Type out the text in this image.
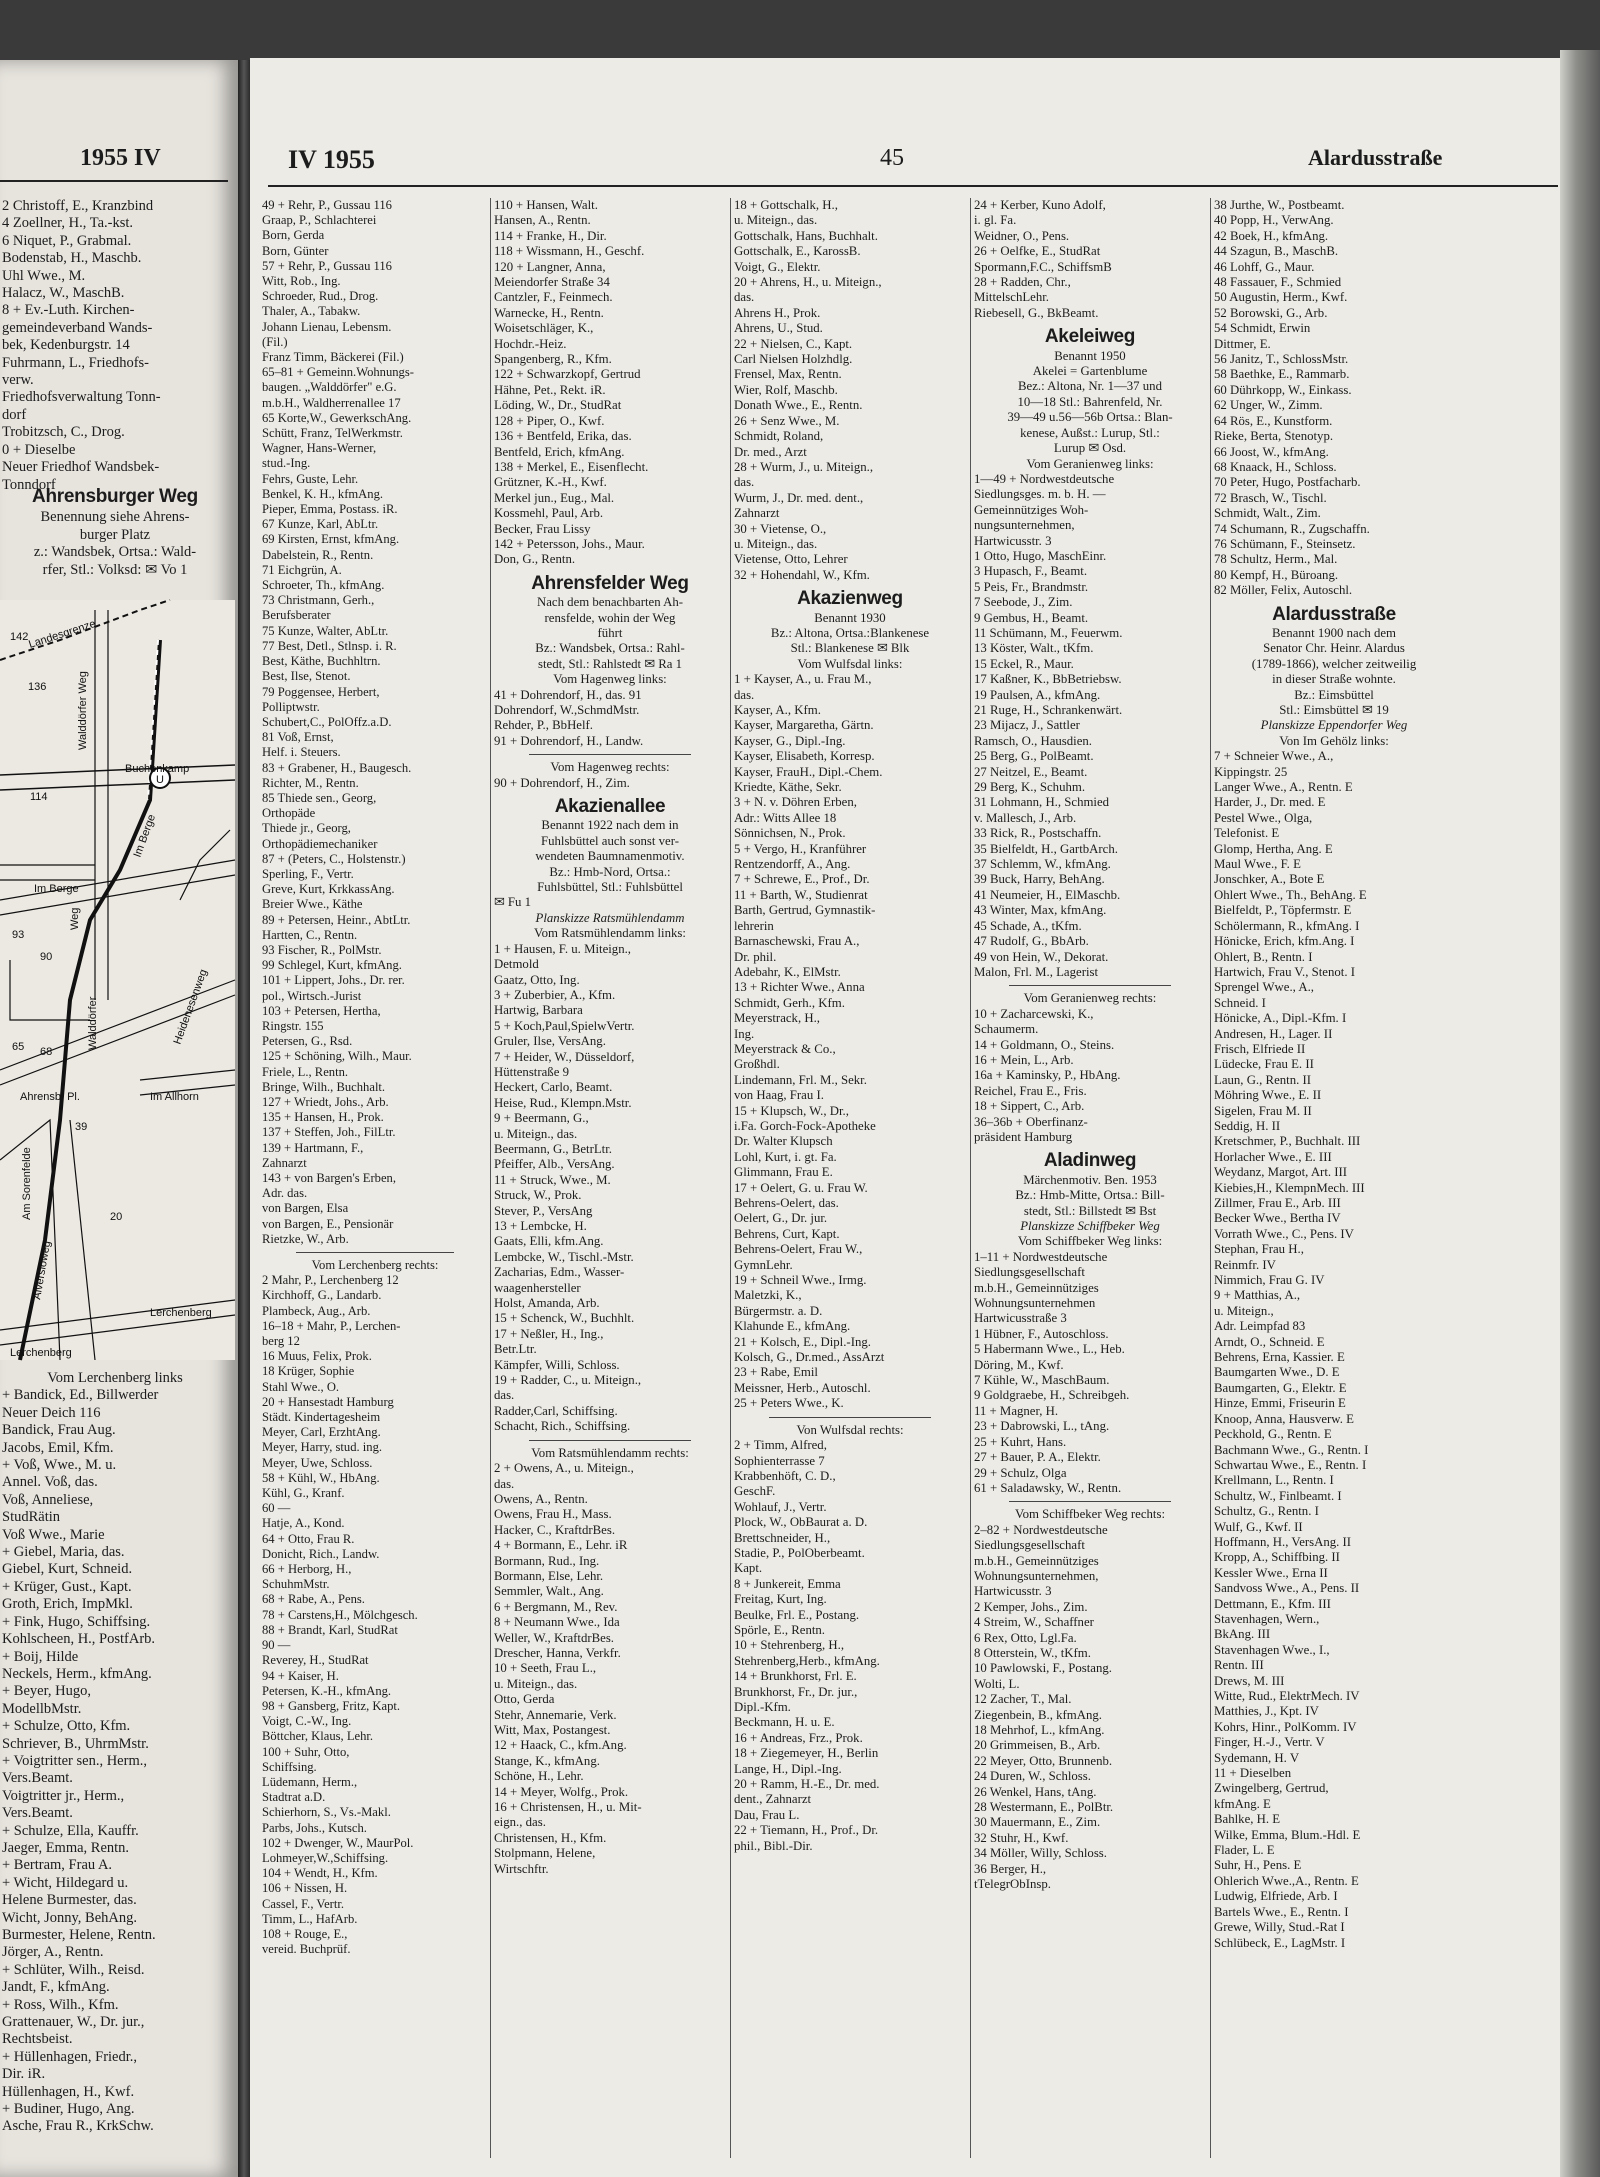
1955 IV
2 Christoff, E., Kranzbind
4 Zoellner, H., Ta.-kst.
6 Niquet, P., Grabmal.
Bodenstab, H., Maschb.
Uhl Wwe., M.
Halacz, W., MaschB.
8 + Ev.-Luth. Kirchen-
gemeindeverband Wands-
bek, Kedenburgstr. 14
Fuhrmann, L., Friedhofs-
verw.
Friedhofsverwaltung Tonn-
dorf
Trobitzsch, C., Drog.
0 + Dieselbe
Neuer Friedhof Wandsbek-
Tonndorf
Ahrensburger Weg
Benennung siehe Ahrens-
burger Platz
z.: Wandsbek, Ortsa.: Wald-
rfer, Stl.: Volksd: ✉ Vo 1
U
Landesgrenze
Walddörfer Weg
Buchenkamp
Im Berge
Weg
Im Berge
Walddörfer	Heidenesenweg
Im Allhorn
Alversloweg
Lerchenberg
Lerchenberg
Ahrensb. Pl.
Am Sorenfelde
114
136
142
93
90
65 68
39
20
Vom Lerchenberg links
+ Bandick, Ed., Billwerder
Neuer Deich 116
Bandick, Frau Aug.
Jacobs, Emil, Kfm.
+ Voß, Wwe., M. u.
Annel. Voß, das.
Voß, Anneliese,
StudRätin
Voß Wwe., Marie
+ Giebel, Maria, das.
Giebel, Kurt, Schneid.
+ Krüger, Gust., Kapt.
Groth, Erich, ImpMkl.
+ Fink, Hugo, Schiffsing.
Kohlscheen, H., PostfArb.
+ Boij, Hilde
Neckels, Herm., kfmAng.
+ Beyer, Hugo,
ModellbMstr.
+ Schulze, Otto, Kfm.
Schriever, B., UhrmMstr.
+ Voigtritter sen., Herm.,
Vers.Beamt.
Voigtritter jr., Herm.,
Vers.Beamt.
+ Schulze, Ella, Kauffr.
Jaeger, Emma, Rentn.
+ Bertram, Frau A.
+ Wicht, Hildegard u.
Helene Burmester, das.
Wicht, Jonny, BehAng.
Burmester, Helene, Rentn.
Jörger, A., Rentn.
+ Schlüter, Wilh., Reisd.
Jandt, F., kfmAng.
+ Ross, Wilh., Kfm.
Grattenauer, W., Dr. jur.,
Rechtsbeist.
+ Hüllenhagen, Friedr.,
Dir. iR.
Hüllenhagen, H., Kwf.
+ Budiner, Hugo, Ang.
Asche, Frau R., KrkSchw.
IV 1955	45	Alardusstraße
49 + Rehr, P., Gussau 116
Graap, P., Schlachterei
Born, Gerda
Born, Günter
57 + Rehr, P., Gussau 116
Witt, Rob., Ing.
Schroeder, Rud., Drog.
Thaler, A., Tabakw.
Johann Lienau, Lebensm.
(Fil.)
Franz Timm, Bäckerei (Fil.)
65–81 + Gemeinn.Wohnungs-
baugen. „Walddörfer" e.G.
m.b.H., Waldherrenallee 17
65 Korte,W., GewerkschAng.
Schütt, Franz, TelWerkmstr.
Wagner, Hans-Werner,
stud.-Ing.
Fehrs, Guste, Lehr.
Benkel, K. H., kfmAng.
Pieper, Emma, Postass. iR.
67 Kunze, Karl, AbLtr.
69 Kirsten, Ernst, kfmAng.
Dabelstein, R., Rentn.
71 Eichgrün, A.
Schroeter, Th., kfmAng.
73 Christmann, Gerh.,
Berufsberater
75 Kunze, Walter, AbLtr.
77 Best, Detl., Stlnsp. i. R.
Best, Käthe, Buchhltrn.
Best, Ilse, Stenot.
79 Poggensee, Herbert,
Polliptwstr.
Schubert,C., PolOffz.a.D.
81 Voß, Ernst,
Helf. i. Steuers.
83 + Grabener, H., Baugesch.
Richter, M., Rentn.
85 Thiede sen., Georg,
Orthopäde
Thiede jr., Georg,
Orthopädiemechaniker
87 + (Peters, C., Holstenstr.)
Sperling, F., Vertr.
Greve, Kurt, KrkkassAng.
Breier Wwe., Käthe
89 + Petersen, Heinr., AbtLtr.
Hartten, C., Rentn.
93 Fischer, R., PolMstr.
99 Schlegel, Kurt, kfmAng.
101 + Lippert, Johs., Dr. rer.
pol., Wirtsch.-Jurist
103 + Petersen, Hertha,
Ringstr. 155
Petersen, G., Rsd.
125 + Schöning, Wilh., Maur.
Friele, L., Rentn.
Bringe, Wilh., Buchhalt.
127 + Wriedt, Johs., Arb.
135 + Hansen, H., Prok.
137 + Steffen, Joh., FilLtr.
139 + Hartmann, F.,
Zahnarzt
143 + von Bargen's Erben,
Adr. das.
von Bargen, Elsa
von Bargen, E., Pensionär
Rietzke, W., Arb.
Vom Lerchenberg rechts:
2 Mahr, P., Lerchenberg 12
Kirchhoff, G., Landarb.
Plambeck, Aug., Arb.
16–18 + Mahr, P., Lerchen-
berg 12
16 Muus, Felix, Prok.
18 Krüger, Sophie
Stahl Wwe., O.
20 + Hansestadt Hamburg
Städt. Kindertagesheim
Meyer, Carl, ErzhtAng.
Meyer, Harry, stud. ing.
Meyer, Uwe, Schloss.
58 + Kühl, W., HbAng.
Kühl, G., Kranf.
60 —
Hatje, A., Kond.
64 + Otto, Frau R.
Donicht, Rich., Landw.
66 + Herborg, H.,
SchuhmMstr.
68 + Rabe, A., Pens.
78 + Carstens,H., Mölchgesch.
88 + Brandt, Karl, StudRat
90 —
Reverey, H., StudRat
94 + Kaiser, H.
Petersen, K.-H., kfmAng.
98 + Gansberg, Fritz, Kapt.
Voigt, C.-W., Ing.
Böttcher, Klaus, Lehr.
100 + Suhr, Otto,
Schiffsing.
Lüdemann, Herm.,
Stadtrat a.D.
Schierhorn, S., Vs.-Makl.
Parbs, Johs., Kutsch.
102 + Dwenger, W., MaurPol.
Lohmeyer,W.,Schiffsing.
104 + Wendt, H., Kfm.
106 + Nissen, H.
Cassel, F., Vertr.
Timm, L., HafArb.
108 + Rouge, E.,
vereid. Buchprüf.
110 + Hansen, Walt.
Hansen, A., Rentn.
114 + Franke, H., Dir.
118 + Wissmann, H., Geschf.
120 + Langner, Anna,
Meiendorfer Straße 34
Cantzler, F., Feinmech.
Warnecke, H., Rentn.
Woisetschläger, K.,
Hochdr.-Heiz.
Spangenberg, R., Kfm.
122 + Schwarzkopf, Gertrud
Hähne, Pet., Rekt. iR.
Löding, W., Dr., StudRat
128 + Piper, O., Kwf.
136 + Bentfeld, Erika, das.
Bentfeld, Erich, kfmAng.
138 + Merkel, E., Eisenflecht.
Grützner, K.-H., Kwf.
Merkel jun., Eug., Mal.
Kossmehl, Paul, Arb.
Becker, Frau Lissy
142 + Petersson, Johs., Maur.
Don, G., Rentn.
Ahrensfelder Weg
Nach dem benachbarten Ah-
rensfelde, wohin der Weg
führt
Bz.: Wandsbek, Ortsa.: Rahl-
stedt, Stl.: Rahlstedt ✉ Ra 1
Vom Hagenweg links:
41 + Dohrendorf, H., das. 91
Dohrendorf, W.,SchmdMstr.
Rehder, P., BbHelf.
91 + Dohrendorf, H., Landw.
Vom Hagenweg rechts:
90 + Dohrendorf, H., Zim.
Akazienallee
Benannt 1922 nach dem in
Fuhlsbüttel auch sonst ver-
wendeten Baumnamenmotiv.
Bz.: Hmb-Nord, Ortsa.:
Fuhlsbüttel, Stl.: Fuhlsbüttel
✉ Fu 1
Planskizze Ratsmühlendamm
Vom Ratsmühlendamm links:
1 + Hausen, F. u. Miteign.,
Detmold
Gaatz, Otto, Ing.
3 + Zuberbier, A., Kfm.
Hartwig, Barbara
5 + Koch,Paul,SpielwVertr.
Gruler, Ilse, VersAng.
7 + Heider, W., Düsseldorf,
Hüttenstraße 9
Heckert, Carlo, Beamt.
Heise, Rud., Klempn.Mstr.
9 + Beermann, G.,
u. Miteign., das.
Beermann, G., BetrLtr.
Pfeiffer, Alb., VersAng.
11 + Struck, Wwe., M.
Struck, W., Prok.
Stever, P., VersAng
13 + Lembcke, H.
Gaats, Elli, kfm.Ang.
Lembcke, W., Tischl.-Mstr.
Zacharias, Edm., Wasser-
waagenhersteller
Holst, Amanda, Arb.
15 + Schenck, W., Buchhlt.
17 + Neßler, H., Ing.,
Betr.Ltr.
Kämpfer, Willi, Schloss.
19 + Radder, C., u. Miteign.,
das.
Radder,Carl, Schiffsing.
Schacht, Rich., Schiffsing.
Vom Ratsmühlendamm rechts:
2 + Owens, A., u. Miteign.,
das.
Owens, A., Rentn.
Owens, Frau H., Mass.
Hacker, C., KraftdrBes.
4 + Bormann, E., Lehr. iR
Bormann, Rud., Ing.
Bormann, Else, Lehr.
Semmler, Walt., Ang.
6 + Bergmann, M., Rev.
8 + Neumann Wwe., Ida
Weller, W., KraftdrBes.
Drescher, Hanna, Verkfr.
10 + Seeth, Frau L.,
u. Miteign., das.
Otto, Gerda
Stehr, Annemarie, Verk.
Witt, Max, Postangest.
12 + Haack, C., kfm.Ang.
Stange, K., kfmAng.
Schöne, H., Lehr.
14 + Meyer, Wolfg., Prok.
16 + Christensen, H., u. Mit-
eign., das.
Christensen, H., Kfm.
Stolpmann, Helene,
Wirtschftr.
18 + Gottschalk, H.,
u. Miteign., das.
Gottschalk, Hans, Buchhalt.
Gottschalk, E., KarossB.
Voigt, G., Elektr.
20 + Ahrens, H., u. Miteign.,
das.
Ahrens H., Prok.
Ahrens, U., Stud.
22 + Nielsen, C., Kapt.
Carl Nielsen Holzhdlg.
Frensel, Max, Rentn.
Wier, Rolf, Maschb.
Donath Wwe., E., Rentn.
26 + Senz Wwe., M.
Schmidt, Roland,
Dr. med., Arzt
28 + Wurm, J., u. Miteign.,
das.
Wurm, J., Dr. med. dent.,
Zahnarzt
30 + Vietense, O.,
u. Miteign., das.
Vietense, Otto, Lehrer
32 + Hohendahl, W., Kfm.
Akazienweg
Benannt 1930
Bz.: Altona, Ortsa.:Blankenese
Stl.: Blankenese ✉ Blk
Vom Wulfsdal links:
1 + Kayser, A., u. Frau M.,
das.
Kayser, A., Kfm.
Kayser, Margaretha, Gärtn.
Kayser, G., Dipl.-Ing.
Kayser, Elisabeth, Korresp.
Kayser, FrauH., Dipl.-Chem.
Kriedte, Käthe, Sekr.
3 + N. v. Döhren Erben,
Adr.: Witts Allee 18
Sönnichsen, N., Prok.
5 + Vergo, H., Kranführer
Rentzendorff, A., Ang.
7 + Schrewe, E., Prof., Dr.
11 + Barth, W., Studienrat
Barth, Gertrud, Gymnastik-
lehrerin
Barnaschewski, Frau A.,
Dr. phil.
Adebahr, K., ElMstr.
13 + Richter Wwe., Anna
Schmidt, Gerh., Kfm.
Meyerstrack, H.,
Ing.
Meyerstrack & Co.,
Großhdl.
Lindemann, Frl. M., Sekr.
von Haag, Frau I.
15 + Klupsch, W., Dr.,
i.Fa. Gorch-Fock-Apotheke
Dr. Walter Klupsch
Lohl, Kurt, i. gt. Fa.
Glimmann, Frau E.
17 + Oelert, G. u. Frau W.
Behrens-Oelert, das.
Oelert, G., Dr. jur.
Behrens, Curt, Kapt.
Behrens-Oelert, Frau W.,
GymnLehr.
19 + Schneil Wwe., Irmg.
Maletzki, K.,
Bürgermstr. a. D.
Klahunde E., kfmAng.
21 + Kolsch, E., Dipl.-Ing.
Kolsch, G., Dr.med., AssArzt
23 + Rabe, Emil
Meissner, Herb., Autoschl.
25 + Peters Wwe., K.
Von Wulfsdal rechts:
2 + Timm, Alfred,
Sophienterrasse 7
Krabbenhöft, C. D.,
GeschF.
Wohlauf, J., Vertr.
Plock, W., ObBaurat a. D.
Brettschneider, H.,
Stadie, P., PolOberbeamt.
Kapt.
8 + Junkereit, Emma
Freitag, Kurt, Ing.
Beulke, Frl. E., Postang.
Spörle, E., Rentn.
10 + Stehrenberg, H.,
Stehrenberg,Herb., kfmAng.
14 + Brunkhorst, Frl. E.
Brunkhorst, Fr., Dr. jur.,
Dipl.-Kfm.
Beckmann, H. u. E.
16 + Andreas, Frz., Prok.
18 + Ziegemeyer, H., Berlin
Lange, H., Dipl.-Ing.
20 + Ramm, H.-E., Dr. med.
dent., Zahnarzt
Dau, Frau L.
22 + Tiemann, H., Prof., Dr.
phil., Bibl.-Dir.
24 + Kerber, Kuno Adolf,
i. gl. Fa.
Weidner, O., Pens.
26 + Oelfke, E., StudRat
Spormann,F.C., SchiffsmB
28 + Radden, Chr.,
MittelschLehr.
Riebesell, G., BkBeamt.
Akeleiweg
Benannt 1950
Akelei = Gartenblume
Bez.: Altona, Nr. 1—37 und
10—18 Stl.: Bahrenfeld, Nr.
39—49 u.56—56b Ortsa.: Blan-
kenese, Außst.: Lurup, Stl.:
Lurup ✉ Osd.
Vom Geranienweg links:
1—49 + Nordwestdeutsche
Siedlungsges. m. b. H. —
Gemeinnütziges Woh-
nungsunternehmen,
Hartwicusstr. 3
1 Otto, Hugo, MaschEinr.
3 Hupasch, F., Beamt.
5 Peis, Fr., Brandmstr.
7 Seebode, J., Zim.
9 Gembus, H., Beamt.
11 Schümann, M., Feuerwm.
13 Köster, Walt., tKfm.
15 Eckel, R., Maur.
17 Kaßner, K., BbBetriebsw.
19 Paulsen, A., kfmAng.
21 Ruge, H., Schrankenwärt.
23 Mijacz, J., Sattler
Ramsch, O., Hausdien.
25 Berg, G., PolBeamt.
27 Neitzel, E., Beamt.
29 Berg, K., Schuhm.
31 Lohmann, H., Schmied
v. Mallesch, J., Arb.
33 Rick, R., Postschaffn.
35 Bielfeldt, H., GartbArch.
37 Schlemm, W., kfmAng.
39 Buck, Harry, BehAng.
41 Neumeier, H., ElMaschb.
43 Winter, Max, kfmAng.
45 Schade, A., tKfm.
47 Rudolf, G., BbArb.
49 von Hein, W., Dekorat.
Malon, Frl. M., Lagerist
Vom Geranienweg rechts:
10 + Zacharcewski, K.,
Schaumerm.
14 + Goldmann, O., Steins.
16 + Mein, L., Arb.
16a + Kaminsky, P., HbAng.
Reichel, Frau E., Fris.
18 + Sippert, C., Arb.
36–36b + Oberfinanz-
präsident Hamburg
Aladinweg
Märchenmotiv. Ben. 1953
Bz.: Hmb-Mitte, Ortsa.: Bill-
stedt, Stl.: Billstedt ✉ Bst
Planskizze Schiffbeker Weg
Vom Schiffbeker Weg links:
1–11 + Nordwestdeutsche
Siedlungsgesellschaft
m.b.H., Gemeinnütziges
Wohnungsunternehmen
Hartwicusstraße 3
1 Hübner, F., Autoschloss.
5 Habermann Wwe., L., Heb.
Döring, M., Kwf.
7 Kühle, W., MaschBaum.
9 Goldgraebe, H., Schreibgeh.
11 + Magner, H.
23 + Dabrowski, L., tAng.
25 + Kuhrt, Hans.
27 + Bauer, P. A., Elektr.
29 + Schulz, Olga
61 + Saladawsky, W., Rentn.
Vom Schiffbeker Weg rechts:
2–82 + Nordwestdeutsche
Siedlungsgesellschaft
m.b.H., Gemeinnütziges
Wohnungsunternehmen,
Hartwicusstr. 3
2 Kemper, Johs., Zim.
4 Streim, W., Schaffner
6 Rex, Otto, Lgl.Fa.
8 Otterstein, W., tKfm.
10 Pawlowski, F., Postang.
Wolti, L.
12 Zacher, T., Mal.
Ziegenbein, B., kfmAng.
18 Mehrhof, L., kfmAng.
20 Grimmeisen, B., Arb.
22 Meyer, Otto, Brunnenb.
24 Duren, W., Schloss.
26 Wenkel, Hans, tAng.
28 Westermann, E., PolBtr.
30 Mauermann, E., Zim.
32 Stuhr, H., Kwf.
34 Möller, Willy, Schloss.
36 Berger, H.,
tTelegrObInsp.
38 Jurthe, W., Postbeamt.
40 Popp, H., VerwAng.
42 Boek, H., kfmAng.
44 Szagun, B., MaschB.
46 Lohff, G., Maur.
48 Fassauer, F., Schmied
50 Augustin, Herm., Kwf.
52 Borowski, G., Arb.
54 Schmidt, Erwin
Dittmer, E.
56 Janitz, T., SchlossMstr.
58 Baethke, E., Rammarb.
60 Dührkopp, W., Einkass.
62 Unger, W., Zimm.
64 Rös, E., Kunstform.
Rieke, Berta, Stenotyp.
66 Joost, W., kfmAng.
68 Knaack, H., Schloss.
70 Peter, Hugo, Postfacharb.
72 Brasch, W., Tischl.
Schmidt, Walt., Zim.
74 Schumann, R., Zugschaffn.
76 Schümann, F., Steinsetz.
78 Schultz, Herm., Mal.
80 Kempf, H., Büroang.
82 Möller, Felix, Autoschl.
Alardusstraße
Benannt 1900 nach dem
Senator Chr. Heinr. Alardus
(1789-1866), welcher zeitweilig
in dieser Straße wohnte.
Bz.: Eimsbüttel
Stl.: Eimsbüttel ✉ 19
Planskizze Eppendorfer Weg
Von Im Gehölz links:
7 + Schneier Wwe., A.,
Kippingstr. 25
Langer Wwe., A., Rentn. E
Harder, J., Dr. med. E
Pestel Wwe., Olga,
Telefonist. E
Glomp, Hertha, Ang. E
Maul Wwe., F. E
Jonschker, A., Bote E
Ohlert Wwe., Th., BehAng. E
Bielfeldt, P., Töpfermstr. E
Schölermann, R., kfmAng. I
Hönicke, Erich, kfm.Ang. I
Ohlert, B., Rentn. I
Hartwich, Frau V., Stenot. I
Sprengel Wwe., A.,
Schneid. I
Hönicke, A., Dipl.-Kfm. I
Andresen, H., Lager. II
Frisch, Elfriede II
Lüdecke, Frau E. II
Laun, G., Rentn. II
Möhring Wwe., E. II
Sigelen, Frau M. II
Seddig, H. II
Kretschmer, P., Buchhalt. III
Horlacher Wwe., E. III
Weydanz, Margot, Art. III
Kiebies,H., KlempnMech. III
Zillmer, Frau E., Arb. III
Becker Wwe., Bertha IV
Vorrath Wwe., C., Pens. IV
Stephan, Frau H.,
Reinmfr. IV
Nimmich, Frau G. IV
9 + Matthias, A.,
u. Miteign.,
Adr. Leimpfad 83
Arndt, O., Schneid. E
Behrens, Erna, Kassier. E
Baumgarten Wwe., D. E
Baumgarten, G., Elektr. E
Hinze, Emmi, Friseurin E
Knoop, Anna, Hausverw. E
Peckhold, G., Rentn. E
Bachmann Wwe., G., Rentn. I
Schwartau Wwe., E., Rentn. I
Krellmann, L., Rentn. I
Schultz, W., Finlbeamt. I
Schultz, G., Rentn. I
Wulf, G., Kwf. II
Hoffmann, H., VersAng. II
Kropp, A., Schiffbing. II
Kessler Wwe., Erna II
Sandvoss Wwe., A., Pens. II
Dettmann, E., Kfm. III
Stavenhagen, Wern.,
BkAng. III
Stavenhagen Wwe., I.,
Rentn. III
Drews, M. III
Witte, Rud., ElektrMech. IV
Matthies, J., Kpt. IV
Kohrs, Hinr., PolKomm. IV
Finger, H.-J., Vertr. V
Sydemann, H. V
11 + Dieselben
Zwingelberg, Gertrud,
kfmAng. E
Bahlke, H. E
Wilke, Emma, Blum.-Hdl. E
Flader, L. E
Suhr, H., Pens. E
Ohlerich Wwe.,A., Rentn. E
Ludwig, Elfriede, Arb. I
Bartels Wwe., E., Rentn. I
Grewe, Willy, Stud.-Rat I
Schlübeck, E., LagMstr. I
